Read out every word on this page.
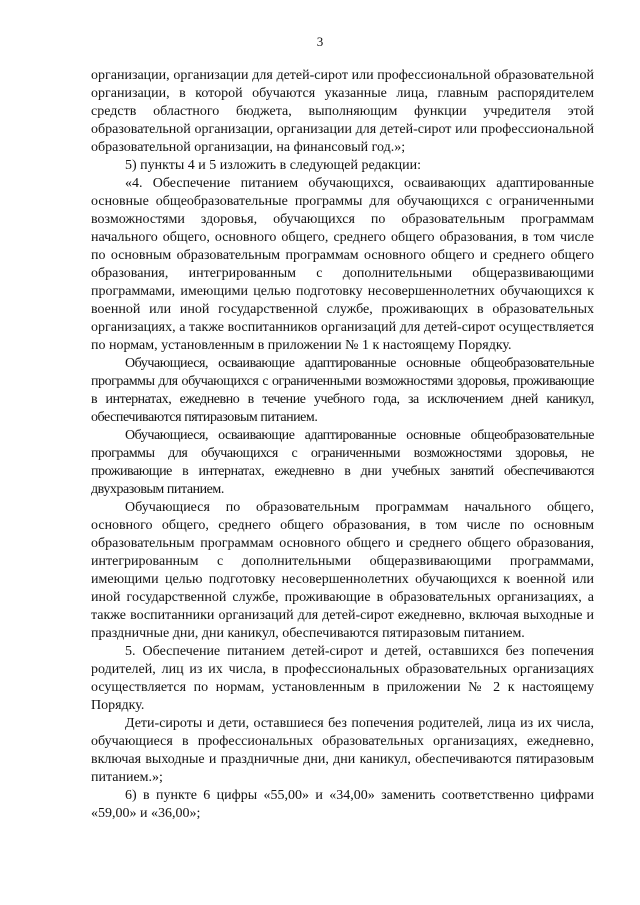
3

организации, организации для детей-сирот или профессиональной образовательной организации, в которой обучаются указанные лица, главным распорядителем средств областного бюджета, выполняющим функции учредителя этой образовательной организации, организации для детей-сирот или профессиональной образовательной организации, на финансовый год.»;

5) пункты 4 и 5 изложить в следующей редакции:

«4. Обеспечение питанием обучающихся, осваивающих адаптированные основные общеобразовательные программы для обучающихся с ограниченными возможностями здоровья, обучающихся по образовательным программам начального общего, основного общего, среднего общего образования, в том числе по основным образовательным программам основного общего и среднего общего образования, интегрированным с дополнительными общеразвивающими программами, имеющими целью подготовку несовершеннолетних обучающихся к военной или иной государственной службе, проживающих в образовательных организациях, а также воспитанников организаций для детей-сирот осуществляется по нормам, установленным в приложении № 1 к настоящему Порядку.

Обучающиеся, осваивающие адаптированные основные общеобразовательные программы для обучающихся с ограниченными возможностями здоровья, проживающие в интернатах, ежедневно в течение учебного года, за исключением дней каникул, обеспечиваются пятиразовым питанием.

Обучающиеся, осваивающие адаптированные основные общеобразовательные программы для обучающихся с ограниченными возможностями здоровья, не проживающие в интернатах, ежедневно в дни учебных занятий обеспечиваются двухразовым питанием.

Обучающиеся по образовательным программам начального общего, основного общего, среднего общего образования, в том числе по основным образовательным программам основного общего и среднего общего образования, интегрированным с дополнительными общеразвивающими программами, имеющими целью подготовку несовершеннолетних обучающихся к военной или иной государственной службе, проживающие в образовательных организациях, а также воспитанники организаций для детей-сирот ежедневно, включая выходные и праздничные дни, дни каникул, обеспечиваются пятиразовым питанием.

5. Обеспечение питанием детей-сирот и детей, оставшихся без попечения родителей, лиц из их числа, в профессиональных образовательных организациях осуществляется по нормам, установленным в приложении № 2 к настоящему Порядку.

Дети-сироты и дети, оставшиеся без попечения родителей, лица из их числа, обучающиеся в профессиональных образовательных организациях, ежедневно, включая выходные и праздничные дни, дни каникул, обеспечиваются пятиразовым питанием.»;

6) в пункте 6 цифры «55,00» и «34,00» заменить соответственно цифрами «59,00» и «36,00»;
